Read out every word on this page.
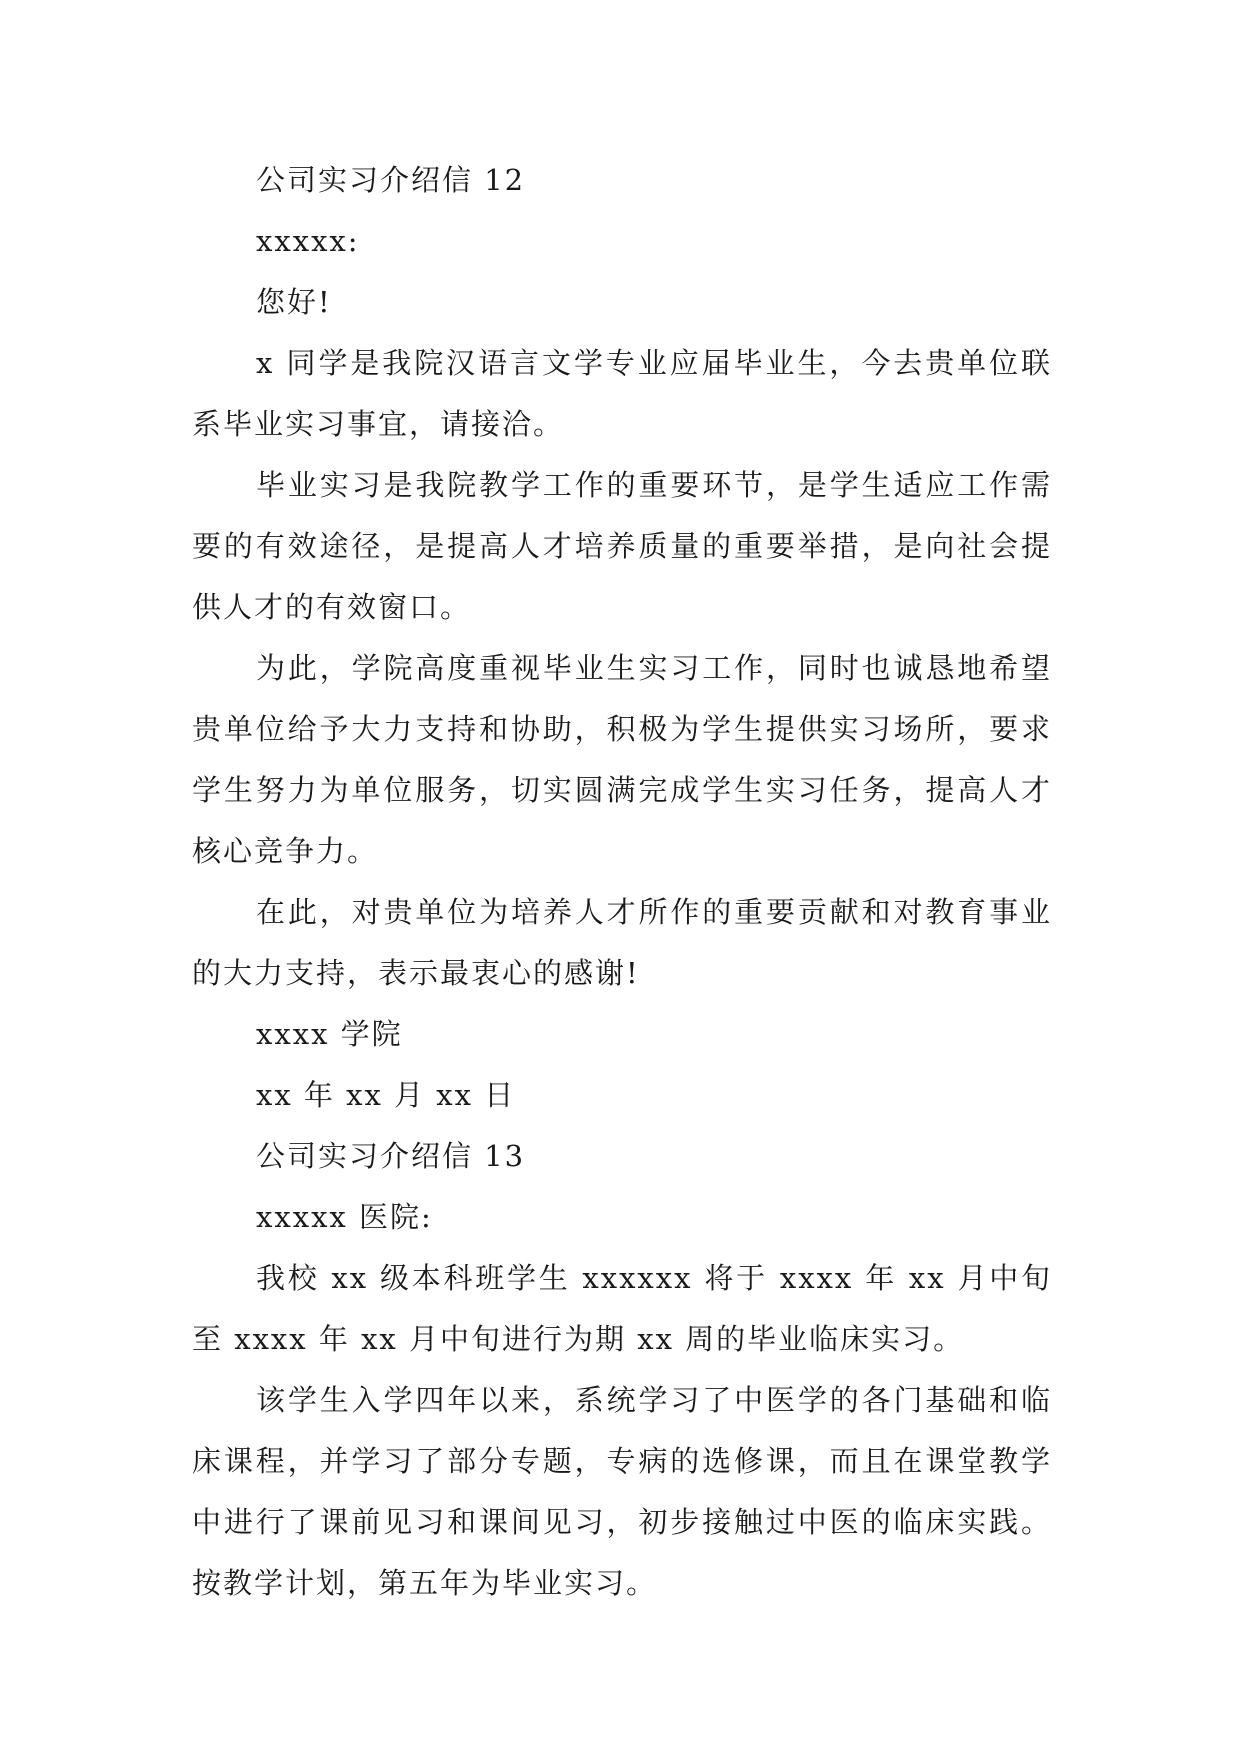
公司实习介绍信 12

xxxxx:

您好!

x 同学是我院汉语言文学专业应届毕业生，今去贵单位联系毕业实习事宜，请接洽。

毕业实习是我院教学工作的重要环节，是学生适应工作需要的有效途径，是提高人才培养质量的重要举措，是向社会提供人才的有效窗口。

为此，学院高度重视毕业生实习工作，同时也诚恳地希望贵单位给予大力支持和协助，积极为学生提供实习场所，要求学生努力为单位服务，切实圆满完成学生实习任务，提高人才核心竞争力。

在此，对贵单位为培养人才所作的重要贡献和对教育事业的大力支持，表示最衷心的感谢!

xxxx 学院

xx 年 xx 月 xx 日

公司实习介绍信 13

xxxxx 医院:

我校 xx 级本科班学生 xxxxxx 将于 xxxx 年 xx 月中旬至 xxxx 年 xx 月中旬进行为期 xx 周的毕业临床实习。

该学生入学四年以来，系统学习了中医学的各门基础和临床课程，并学习了部分专题，专病的选修课，而且在课堂教学中进行了课前见习和课间见习，初步接触过中医的临床实践。按教学计划，第五年为毕业实习。
